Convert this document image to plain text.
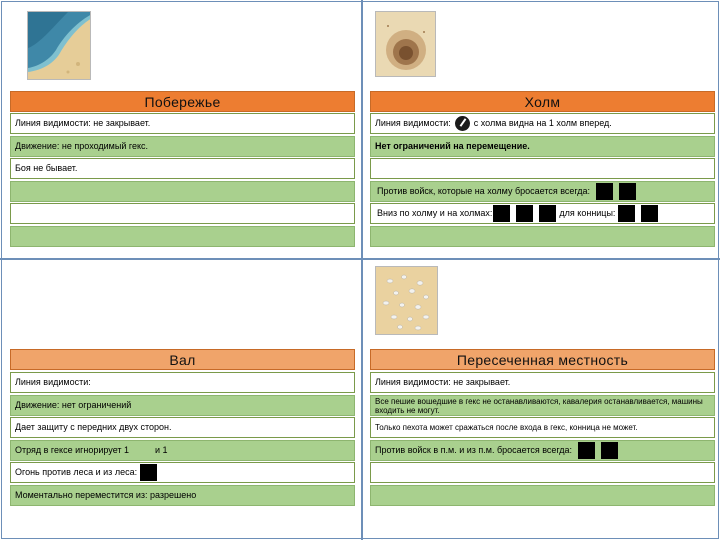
Побережье
Линия видимости: не закрывает.
Движение: не проходимый гекс.
Боя не бывает.
Холм
Линия видимости:	с холма видна на 1 холм вперед.
Нет ограничений на перемещение.
Против войск, которые на холму бросается всегда:
Вниз по холму и на холмах:	для конницы:
Вал
Линия видимости:
Движение: нет ограничений
Дает защиту с передних двух сторон.
Отряд в гексе игнорирует 1	и 1
Огонь против леса и из леса:
Моментально переместится из: разрешено
Пересеченная местность
Линия видимости: не закрывает.
Все пешие вошедшие в гекс не останавливаются, кавалерия останавливается, машины входить не могут.
Только пехота может сражаться после входа в гекс, конница не может.
Против войск в п.м. и из п.м. бросается всегда:
